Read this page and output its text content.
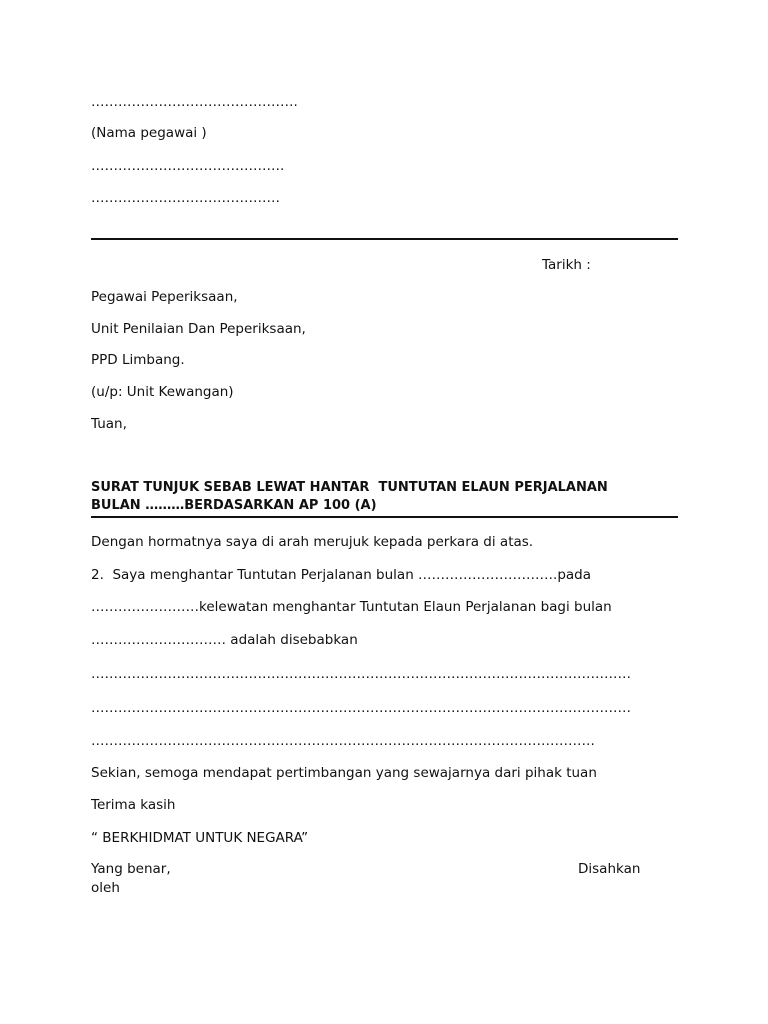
……………………………………….
(Nama pegawai )
…………………………………….
……………………………………
Tarikh :
Pegawai Peperiksaan,
Unit Penilaian Dan Peperiksaan,
PPD Limbang.
(u/p: Unit Kewangan)
Tuan,
SURAT TUNJUK SEBAB LEWAT HANTAR  TUNTUTAN ELAUN PERJALANAN
BULAN ………BERDASARKAN AP 100 (A)
Dengan hormatnya saya di arah merujuk kepada perkara di atas.
2.  Saya menghantar Tuntutan Perjalanan bulan ………………………….pada
……………………kelewatan menghantar Tuntutan Elaun Perjalanan bagi bulan
………………………… adalah disebabkan
…………………………………………………………………………………………………………
…………………………………………………………………………………………………………
………………………………………………………………………………………………….
Sekian, semoga mendapat pertimbangan yang sewajarnya dari pihak tuan
Terima kasih
“ BERKHIDMAT UNTUK NEGARA”
Yang benar,	Disahkan
oleh
